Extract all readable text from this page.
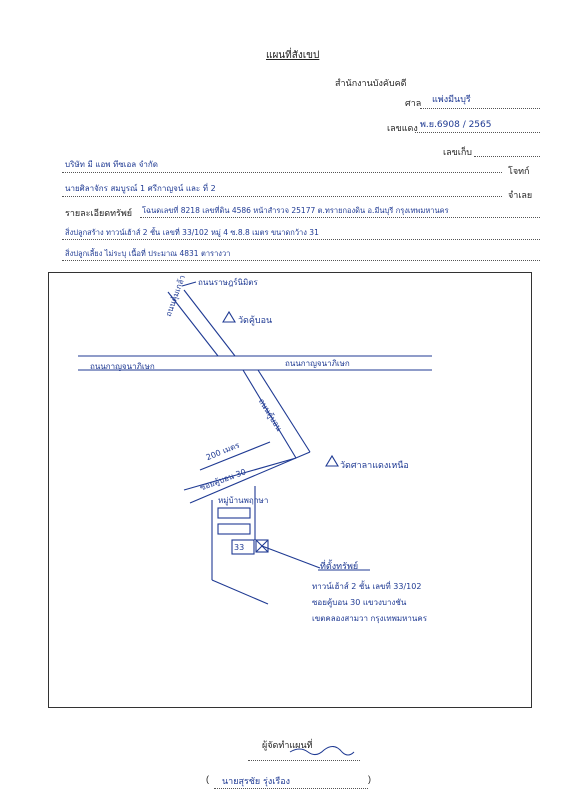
แผนที่สังเขป
สำนักงานบังคับคดี
ศาล แพ่งมีนบุรี
เลขแดง พ.ย.6908 / 2565
เลขเก็บ
บริษัท มี แอพ ทีซเอล จำกัด
โจทก์
นายศิลาจักร สมบูรณ์ 1 ศรีกาญจน์ และ ที่ 2
จำเลย
รายละเอียดทรัพย์ โฉนดเลขที่ 8218 เลขที่ดิน 4586 หน้าสำรวจ 25177 ต.ทรายกองดิน อ.มีนบุรี กรุงเทพมหานคร
สิ่งปลูกสร้าง ทาวน์เฮ้าส์ 2 ชั้น เลขที่ 33/102 หมู่ 4 ซ.8.8 เมตร ขนาดกว้าง 31
สิ่งปลูกเลี้ยง ไม่ระบุ เนื้อที่ ประมาณ 4831 ตารางวา
ถนนราษฎร์นิมิตร
ถนนคุ้มเกล้า
วัดคู้บอน
ถนนกาญจนาภิเษก	ถนนกาญจนาภิเษก
ถนนคู้บอน
วัดศาลาแดงเหนือ
200 เมตร
ซอยคู้บอน 30
หมู่บ้านพฤกษา
33
ที่ตั้งทรัพย์
ทาวน์เฮ้าส์ 2 ชั้น เลขที่ 33/102
ซอยคู้บอน 30 แขวงบางชัน
เขตคลองสามวา กรุงเทพมหานคร
ผู้จัดทำแผนที่
( นายสุรชัย รุ่งเรือง	)
